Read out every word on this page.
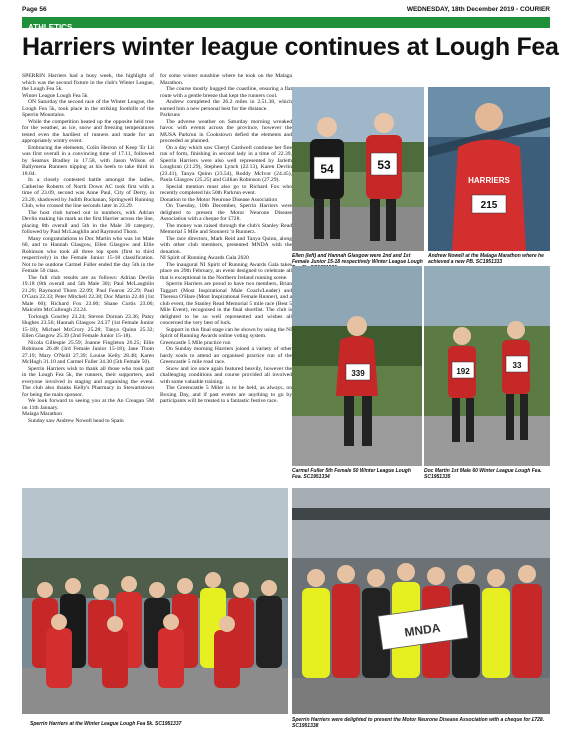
Page 56	WEDNESDAY, 18th December 2019 - COURIER
ATHLETICS
Harriers winter league continues at Lough Fea

SPERRIN Harriers had a busy week, the highlight of which was the second fixture in the club's Winter League, the Lough Fea 5k.

Winter League Lough Fea 5k

ON Saturday the second race of the Winter League, the Lough Fea 5k, took place in the striking foothills of the Sperrin Mountains.

While the competition heated up the opposite held true for the weather, as ice, snow and freezing temperatures tested even the hardiest of runners and made for an appropriately wintry event.

Embracing the elements, Colin Herron of Keep 'Er Lit was first overall in a convincing time of 17.11, followed by Seamus Bradley in 17.58, with Jason Wilson of Ballymena Runners nipping at his heels to take third in 18.04.

In a closely contested battle amongst the ladies, Catherine Roberts of North Down AC took first with a time of 23.09, second was Anne Paul, City of Derry, in 23.20, shadowed by Judith Buchanan, Springwell Running Club, who crossed the line seconds later in 23.29.

The host club turned out in numbers, with Adrian Devlin making his mark as the first Harrier across the line, placing 8th overall and 5th in the Male 30 category, followed by Paul McLaughlin and Raymond Thom.

Many congratulations to Doc Martin who was 1st Male 60, and to Hannah Glasgow, Ellen Glasgow and Ellie Robinson who took all three top spots (first to third respectively) in the Female Junior 15-18 classification. Not to be outdone Carmel Fuller ended the day 5th in the Female 50 class.

The full club results are as follows: Adrian Devlin 19.18 (8th overall and 5th Male 30); Paul McLaughlin 21.29; Raymond Thom 22.09; Paul Fearon 22.29; Paul O'Gara 22.33; Peter Mitchell 22.38; Doc Martin 22.46 (1st Male 60); Richard Fox 23.00; Shane Curtis 23.06; Malcolm McCullough 23.24.

Torlough Gourley 23.24; Steven Dornan 23.36; Patsy Hughes 23.56; Hannah Glasgow 24.37 (1st Female Junior 15-18); Michael McCrory 25.28; Tanya Quinn 25.32; Ellen Glasgow 25.39 (2nd Female Junior 15-18).

Nicola Gillespie 25.59; Joanne Fingleton 26.25; Ellie Robinson 26.48 (3rd Female Junior 15-18); Jane Thom 27.19; Mary O'Neill 27.39; Louise Kelly 28.48; Karen McHugh 31.10 and Carmel Fuller 34.30 (5th Female 50).

Sperrin Harriers wish to thank all those who took part in the Lough Fea 5k, the runners, their supporters, and everyone involved in staging and organising the event. The club also thanks Kelly's Pharmacy in Stewartstown for being the main sponsor.

We look forward to seeing you at the An Creagan 5M on 11th January.

Malaga Marathon

Sunday saw Andrew Nowell head to Spain

for some winter sunshine where he took on the Malaga Marathon.

The course mostly hugged the coastline, ensuring a flat route with a gentle breeze that kept the runners cool.

Andrew completed the 26.2 miles in 2.51.38, which earned him a new personal best for the distance.

Parkruns

The adverse weather on Saturday morning wreaked havoc with events across the province, however the MUSA Parkrun in Cookstown defied the elements and proceeded as planned.

On a day which saw Cheryl Cardwell continue her fine run of form, finishing in second lady in a time of 22.39, Sperrin Harriers were also well represented by Jarleth Loughran (21.29), Stephen Lynch (22.13), Karen Devlin (23.41), Tanya Quinn (23.54), Roddy McIvor (24.45), Paula Glasgow (25.25) and Gillian Robinson (27.29).

Special mention must also go to Richard Fox who recently completed his 50th Parkrun event.

Donation to the Motor Neurone Disease Association

On Tuesday, 10th December, Sperrin Harriers were delighted to present the Motor Neurone Disease Association with a cheque for £728.

The money was raised through the club's Stanley Read Memorial 5 Mile and Stonnerz 'n Runnerz.

The race directors, Mark Reid and Tanya Quinn, along with other club members, presented MNDA with the donation.

NI Spirit of Running Awards Gala 2020

The inaugural NI Spirit of Running Awards Gala takes place on 29th February, an event designed to celebrate all that is exceptional in the Northern Ireland running scene.

Sperrin Harriers are proud to have two members, Brian Taggart (Most Inspirational Male Coach/Leader) and Theresa O'Hare (Most Inspirational Female Runner), and a club event, the Stanley Read Memorial 5 mile race (Best 5 Mile Event), recognised in the final shortlist. The club is delighted to be so well represented and wishes all concerned the very best of luck.

Support in this final stage can be shown by using the NI Spirit of Running Awards online voting system.

Greencastle 5 Mile practice run

On Sunday morning Harriers joined a variety of other hardy souls to attend an organised practice run of the Greencastle 5 mile road race.

Snow and ice once again featured heavily, however the challenging conditions and course provided all involved with some valuable training.

The Greencastle 5 Miler is to be held, as always, on Boxing Day, and if past events are anything to go by participants will be treated to a fantastic festive race.

54	53
Ellen (left) and Hannah Glasgow were 2nd and 1st Female Junior 15-18 respectively Winter League Lough
HARRIERS
215
Andrew Nowell at the Malaga Marathon where he achieved a new PB. SC1951333
339
Carmel Fuller 5th Female 50 Winter League Lough Fea. SC1951334
192
33
Doc Martin 1st Male 60 Winter League Lough Fea. SC1951335
Sperrin Harriers at the Winter League Lough Fea 5k. SC1951337
MNDA
Sperrin Harriers were delighted to present the Motor Neurone Disease Association with a cheque for £728. SC1951338
